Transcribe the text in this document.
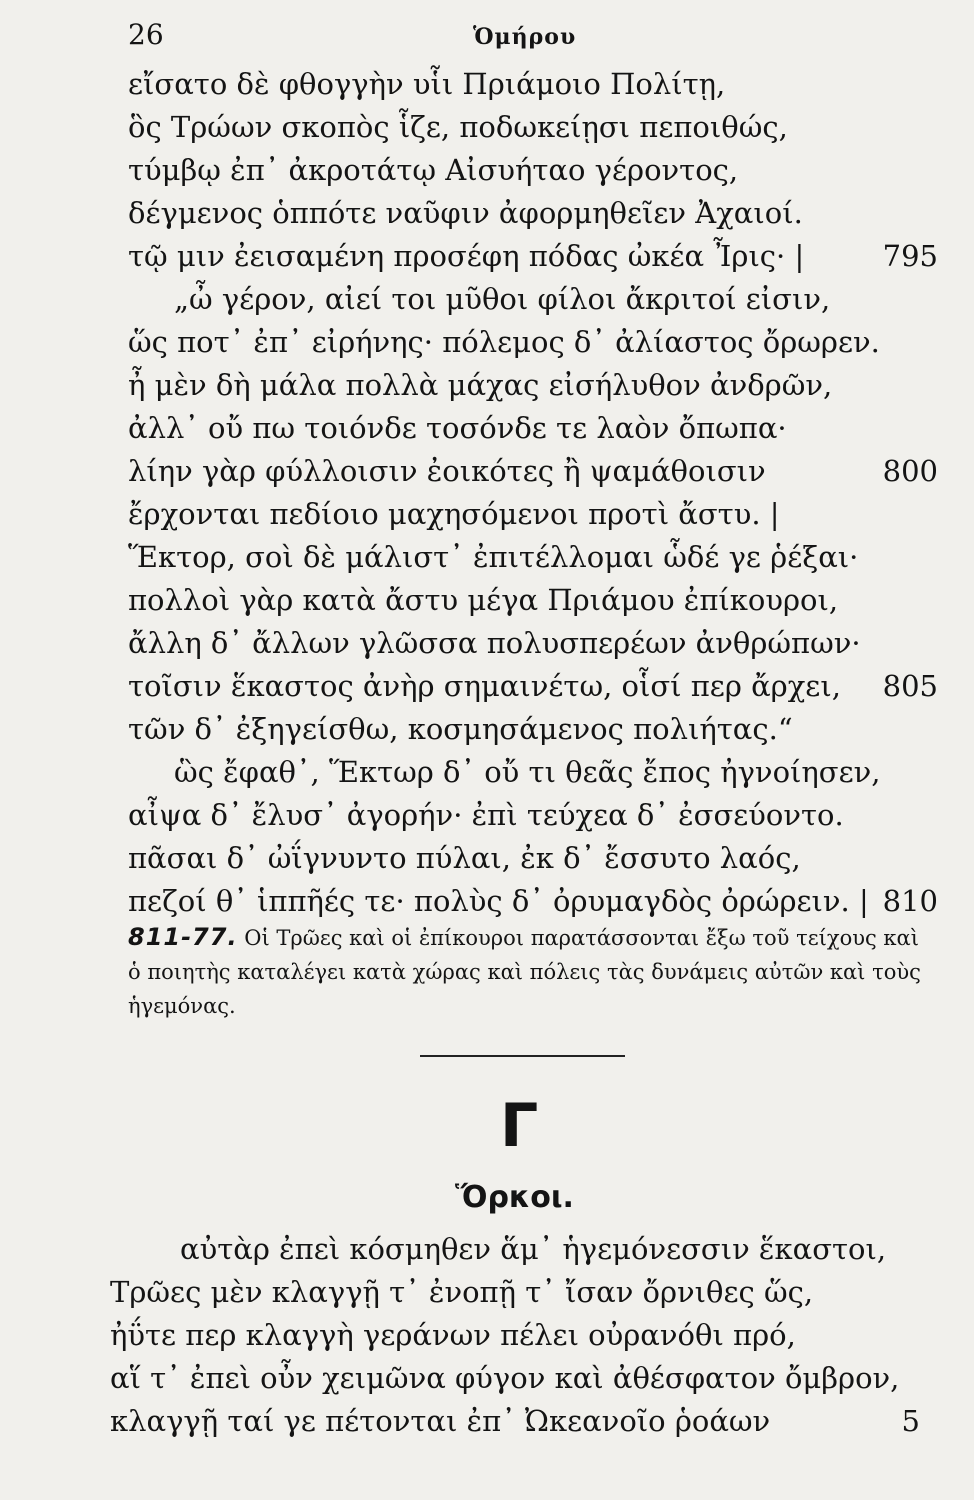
26	Ὁμήρου
εἴσατο δὲ φθογγὴν υἷι Πριάμοιο Πολίτῃ,
ὃς Τρώων σκοπὸς ἷζε, ποδωκείῃσι πεποιθώς,
τύμβῳ ἐπ᾽ ἀκροτάτῳ Αἰσυήταο γέροντος,
δέγμενος ὁππότε ναῦφιν ἀφορμηθεῖεν Ἀχαιοί.
τῷ μιν ἐεισαμένη προσέφη πόδας ὠκέα Ἶρις· |	795
„ὦ γέρον, αἰεί τοι μῦθοι φίλοι ἄκριτοί εἰσιν,
ὥς ποτ᾽ ἐπ᾽ εἰρήνης· πόλεμος δ᾽ ἀλίαστος ὄρωρεν.
ἦ μὲν δὴ μάλα πολλὰ μάχας εἰσήλυθον ἀνδρῶν,
ἀλλ᾽ οὔ πω τοιόνδε τοσόνδε τε λαὸν ὄπωπα·
λίην γὰρ φύλλοισιν ἐοικότες ἢ ψαμάθοισιν	800
ἔρχονται πεδίοιο μαχησόμενοι προτὶ ἄστυ. |
Ἕκτορ, σοὶ δὲ μάλιστ᾽ ἐπιτέλλομαι ὧδέ γε ῥέξαι·
πολλοὶ γὰρ κατὰ ἄστυ μέγα Πριάμου ἐπίκουροι,
ἄλλη δ᾽ ἄλλων γλῶσσα πολυσπερέων ἀνθρώπων·
τοῖσιν ἕκαστος ἀνὴρ σημαινέτω, οἷσί περ ἄρχει, 805
τῶν δ᾽ ἐξηγείσθω, κοσμησάμενος πολιήτας.“
ὣς ἔφαθ᾽, Ἕκτωρ δ᾽ οὔ τι θεᾶς ἔπος ἠγνοίησεν,
αἶψα δ᾽ ἔλυσ᾽ ἀγορήν· ἐπὶ τεύχεα δ᾽ ἐσσεύοντο.
πᾶσαι δ᾽ ὠΐγνυντο πύλαι, ἐκ δ᾽ ἔσσυτο λαός,
πεζοί θ᾽ ἱππῆές τε· πολὺς δ᾽ ὀρυμαγδὸς ὀρώρειν. | 810
811-77. Οἱ Τρῶες καὶ οἱ ἐπίκουροι παρατάσσονται ἔξω τοῦ τείχους καὶ ὁ ποιητὴς καταλέγει κατὰ χώρας καὶ πόλεις τὰς δυνάμεις αὐτῶν καὶ τοὺς ἡγεμόνας.
Γ
Ὅρκοι.
αὐτὰρ ἐπεὶ κόσμηθεν ἅμ᾽ ἡγεμόνεσσιν ἕκαστοι,
Τρῶες μὲν κλαγγῇ τ᾽ ἐνοπῇ τ᾽ ἴσαν ὄρνιθες ὥς,
ἠΰτε περ κλαγγὴ γεράνων πέλει οὐρανόθι πρό,
αἵ τ᾽ ἐπεὶ οὖν χειμῶνα φύγον καὶ ἀθέσφατον ὄμβρον,
κλαγγῇ ταί γε πέτονται ἐπ᾽ Ὠκεανοῖο ῥοάων	5
